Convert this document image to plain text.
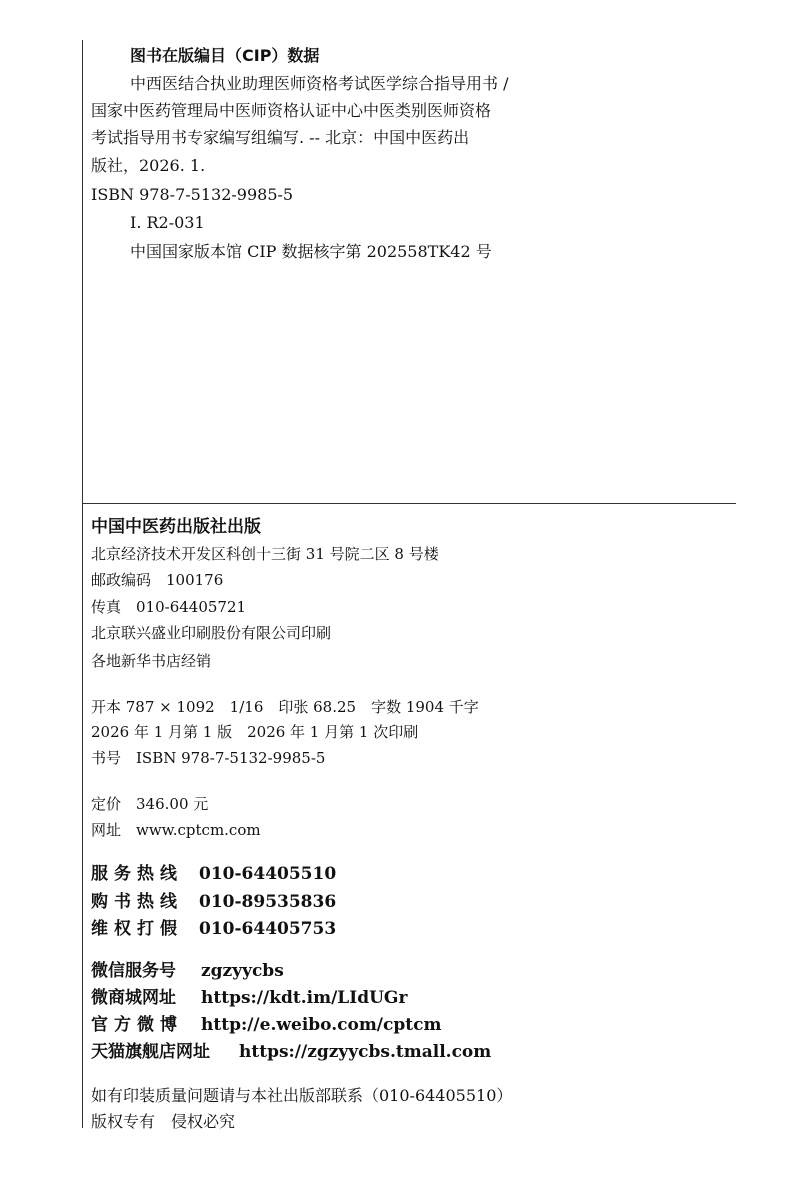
图书在版编目（CIP）数据
中西医结合执业助理医师资格考试医学综合指导用书 /
国家中医药管理局中医师资格认证中心中医类别医师资格
考试指导用书专家编写组编写. -- 北京：中国中医药出
版社，2026. 1.
ISBN 978-7-5132-9985-5
Ⅰ. R2-031
中国国家版本馆 CIP 数据核字第 202558TK42 号
中国中医药出版社出版
北京经济技术开发区科创十三街 31 号院二区 8 号楼
邮政编码　100176
传真　010-64405721
北京联兴盛业印刷股份有限公司印刷
各地新华书店经销
开本 787 × 1092　1/16　印张 68.25　字数 1904 千字
2026 年 1 月第 1 版　2026 年 1 月第 1 次印刷
书号　ISBN 978-7-5132-9985-5
定价　346.00 元
网址　www.cptcm.com
服务热线 010-64405510
购书热线 010-89535836
维权打假 010-64405753
微信服务号 zgzyycbs
微商城网址 https://kdt.im/LIdUGr
官方微博 http://e.weibo.com/cptcm
天猫旗舰店网址 https://zgzyycbs.tmall.com
如有印装质量问题请与本社出版部联系（010-64405510）
版权专有　侵权必究
